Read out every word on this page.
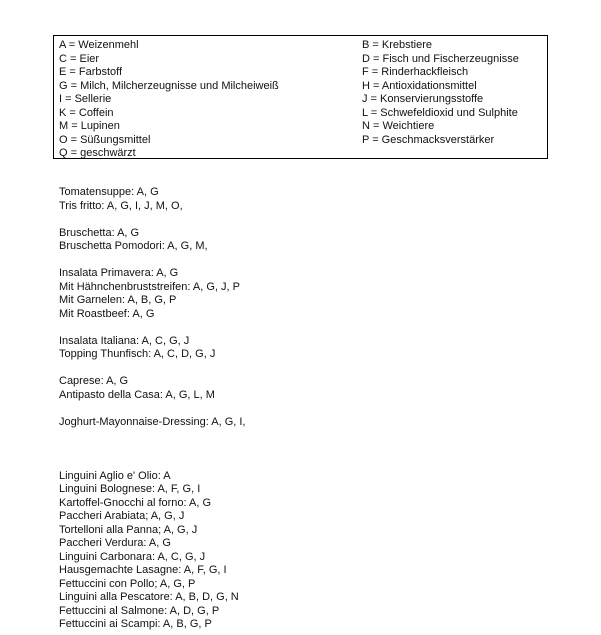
A = Weizenmehl
C = Eier
E = Farbstoff
G = Milch, Milcherzeugnisse und Milcheiweiß
I = Sellerie
K = Coffein
M = Lupinen
O = Süßungsmittel
Q = geschwärzt
B = Krebstiere
D = Fisch und Fischerzeugnisse
F = Rinderhackfleisch
H = Antioxidationsmittel
J = Konservierungsstoffe
L = Schwefeldioxid und Sulphite
N = Weichtiere
P = Geschmacksverstärker
Tomatensuppe: A, G
Tris fritto: A, G, I, J, M, O,
Bruschetta: A, G
Bruschetta Pomodori: A, G, M,
Insalata Primavera: A, G
Mit Hähnchenbruststreifen: A, G, J, P
Mit Garnelen: A, B, G, P
Mit Roastbeef: A, G
Insalata Italiana: A, C, G, J
Topping Thunfisch: A, C, D, G, J
Caprese: A, G
Antipasto della Casa: A, G, L, M
Joghurt-Mayonnaise-Dressing: A, G, I,
Linguini Aglio e' Olio: A
Linguini Bolognese: A, F, G, I
Kartoffel-Gnocchi al forno: A, G
Paccheri Arabiata; A, G, J
Tortelloni alla Panna; A, G, J
Paccheri Verdura: A, G
Linguini Carbonara: A, C, G, J
Hausgemachte Lasagne: A, F, G, I
Fettuccini con Pollo; A, G, P
Linguini alla Pescatore: A, B, D, G, N
Fettuccini al Salmone: A, D, G, P
Fettuccini ai Scampi: A, B, G, P
